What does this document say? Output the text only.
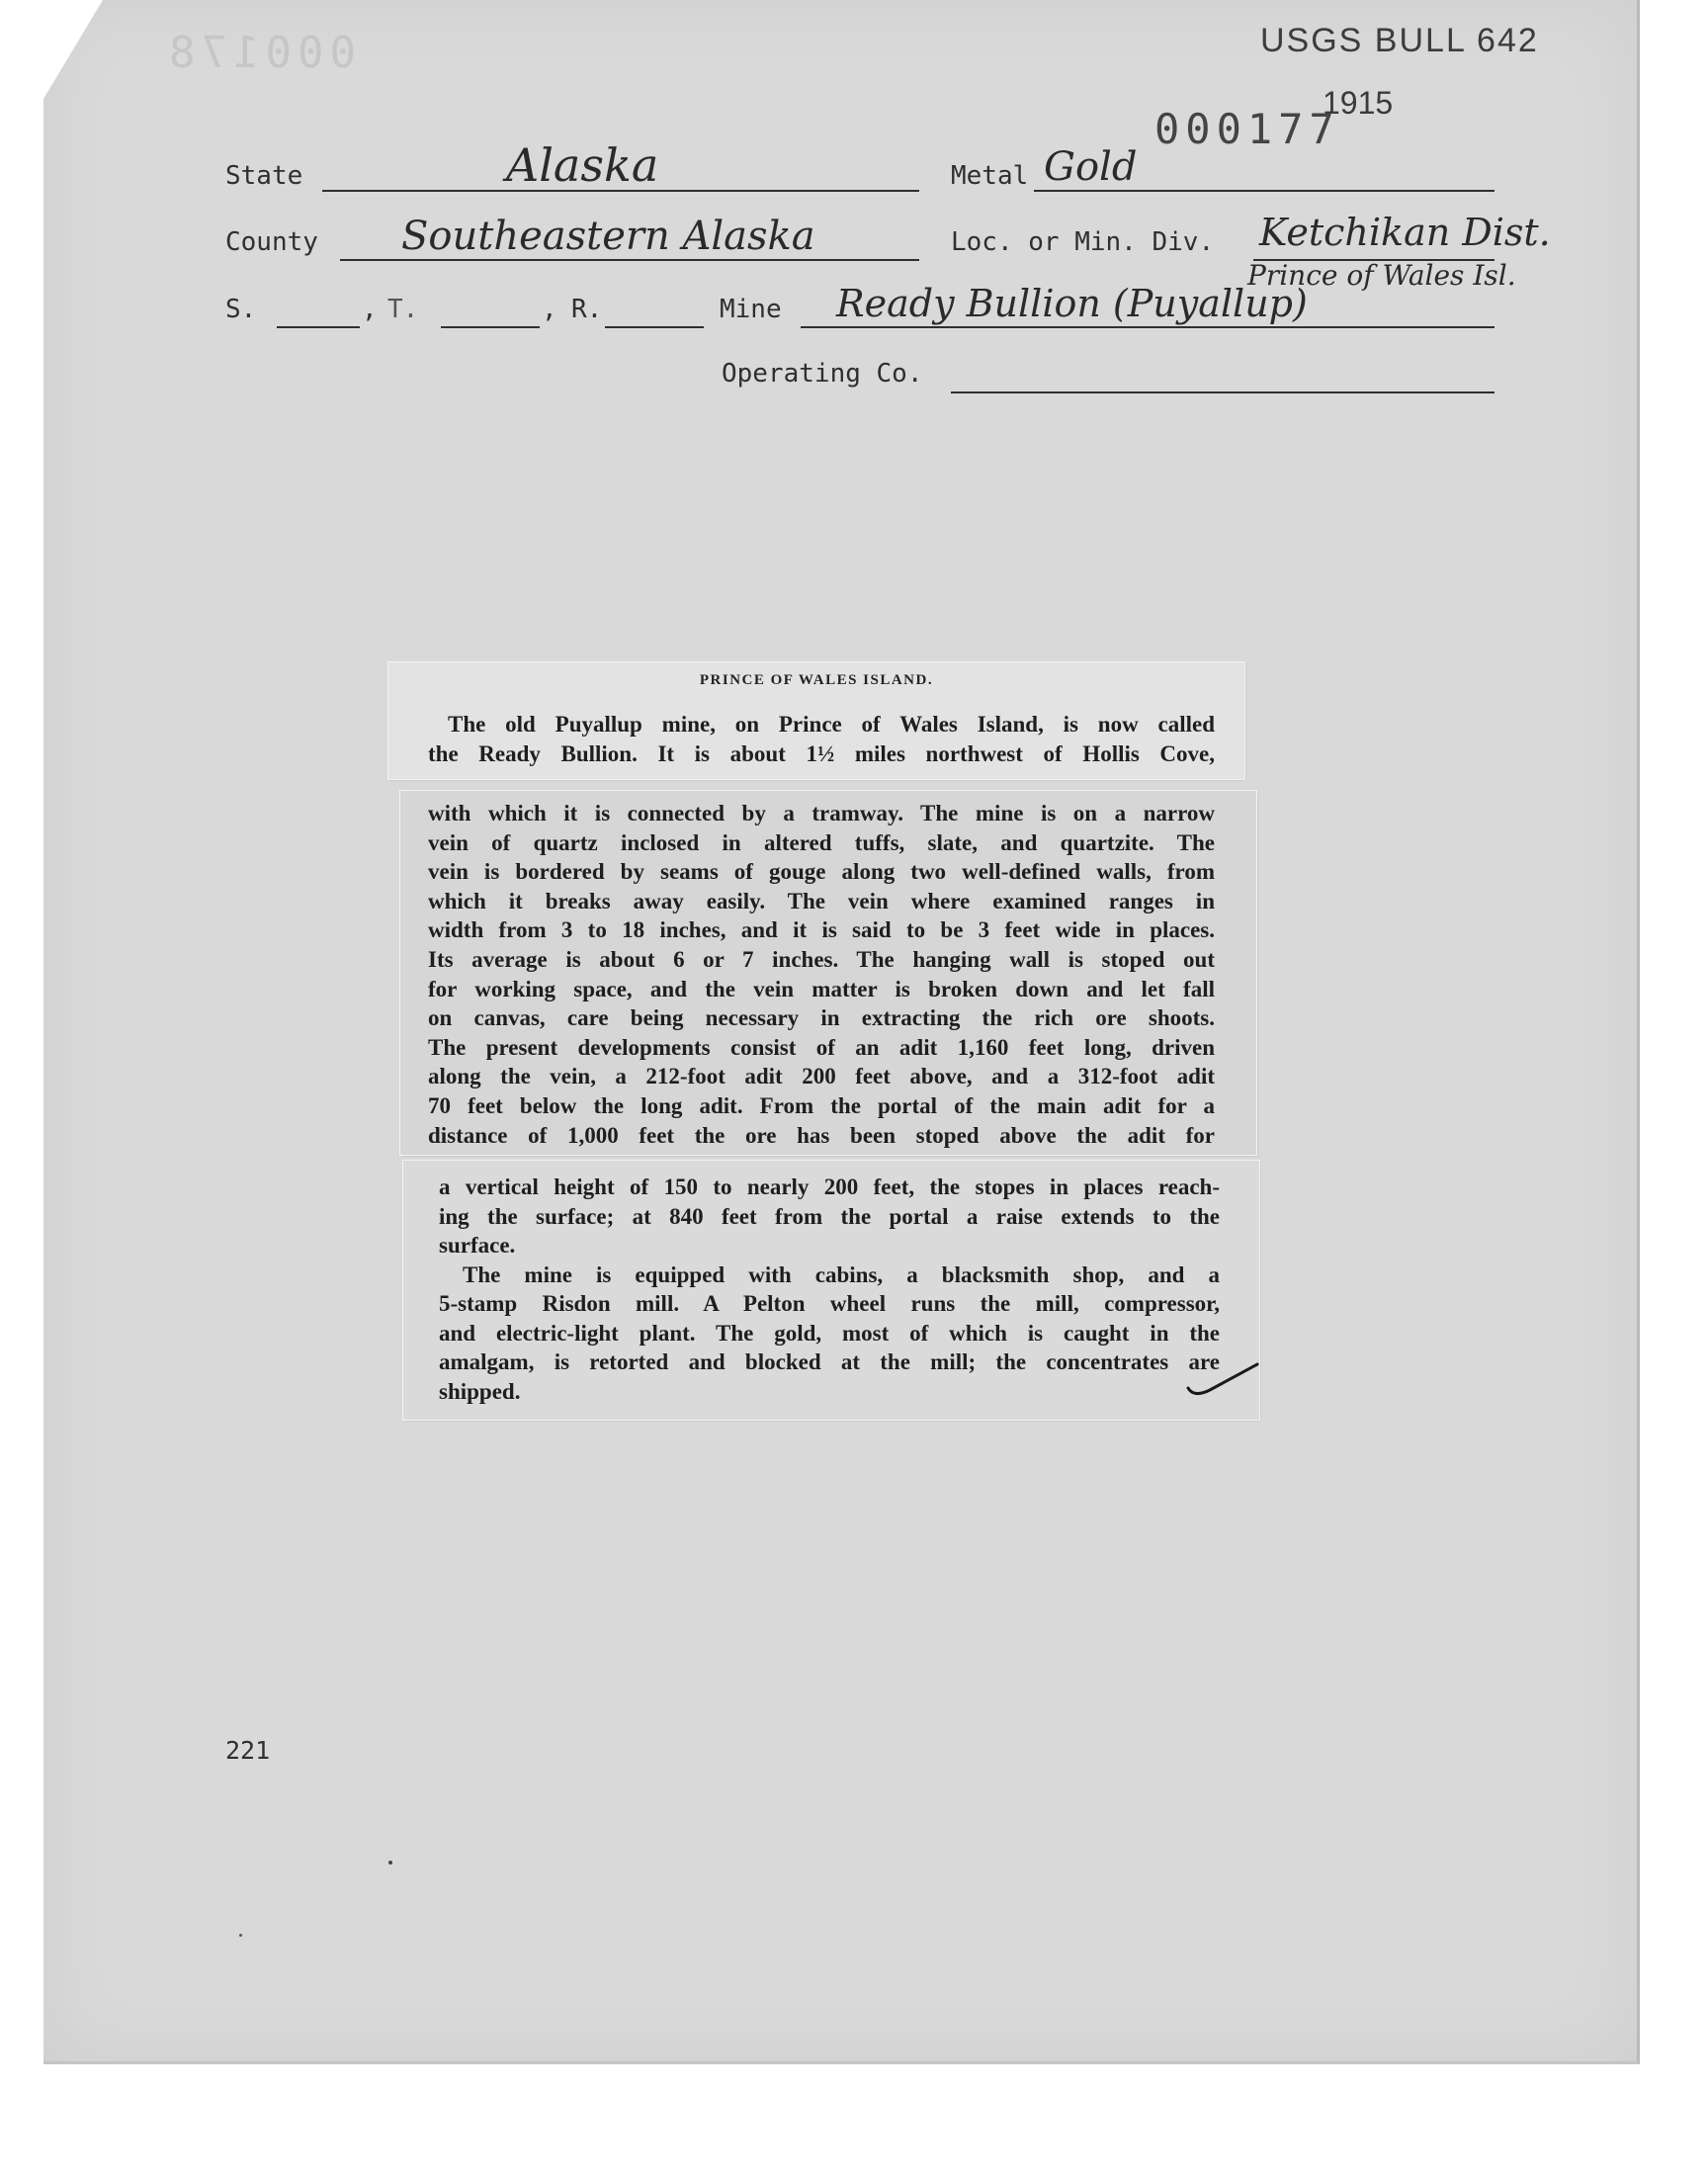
000178	USGS BULL 642
000177
1915
State	Alaska	Metal Gold
County Southeastern Alaska	Loc. or Min. Div. Ketchikan Dist.
Prince of Wales Isl.
S.	, T.	, R.	Mine Ready Bullion (Puyallup)
Operating Co.
PRINCE OF WALES ISLAND.

The old Puyallup mine, on Prince of Wales Island, is now called

the Ready Bullion. It is about 1½ miles northwest of Hollis Cove,

with which it is connected by a tramway. The mine is on a narrow

vein of quartz inclosed in altered tuffs, slate, and quartzite. The

vein is bordered by seams of gouge along two well-defined walls, from

which it breaks away easily. The vein where examined ranges in

width from 3 to 18 inches, and it is said to be 3 feet wide in places.

Its average is about 6 or 7 inches. The hanging wall is stoped out

for working space, and the vein matter is broken down and let fall

on canvas, care being necessary in extracting the rich ore shoots.

The present developments consist of an adit 1,160 feet long, driven

along the vein, a 212-foot adit 200 feet above, and a 312-foot adit

70 feet below the long adit. From the portal of the main adit for a

distance of 1,000 feet the ore has been stoped above the adit for

a vertical height of 150 to nearly 200 feet, the stopes in places reach-

ing the surface; at 840 feet from the portal a raise extends to the

surface.

The mine is equipped with cabins, a blacksmith shop, and a

5-stamp Risdon mill. A Pelton wheel runs the mill, compressor,

and electric-light plant. The gold, most of which is caught in the

amalgam, is retorted and blocked at the mill; the concentrates are

shipped.

221
